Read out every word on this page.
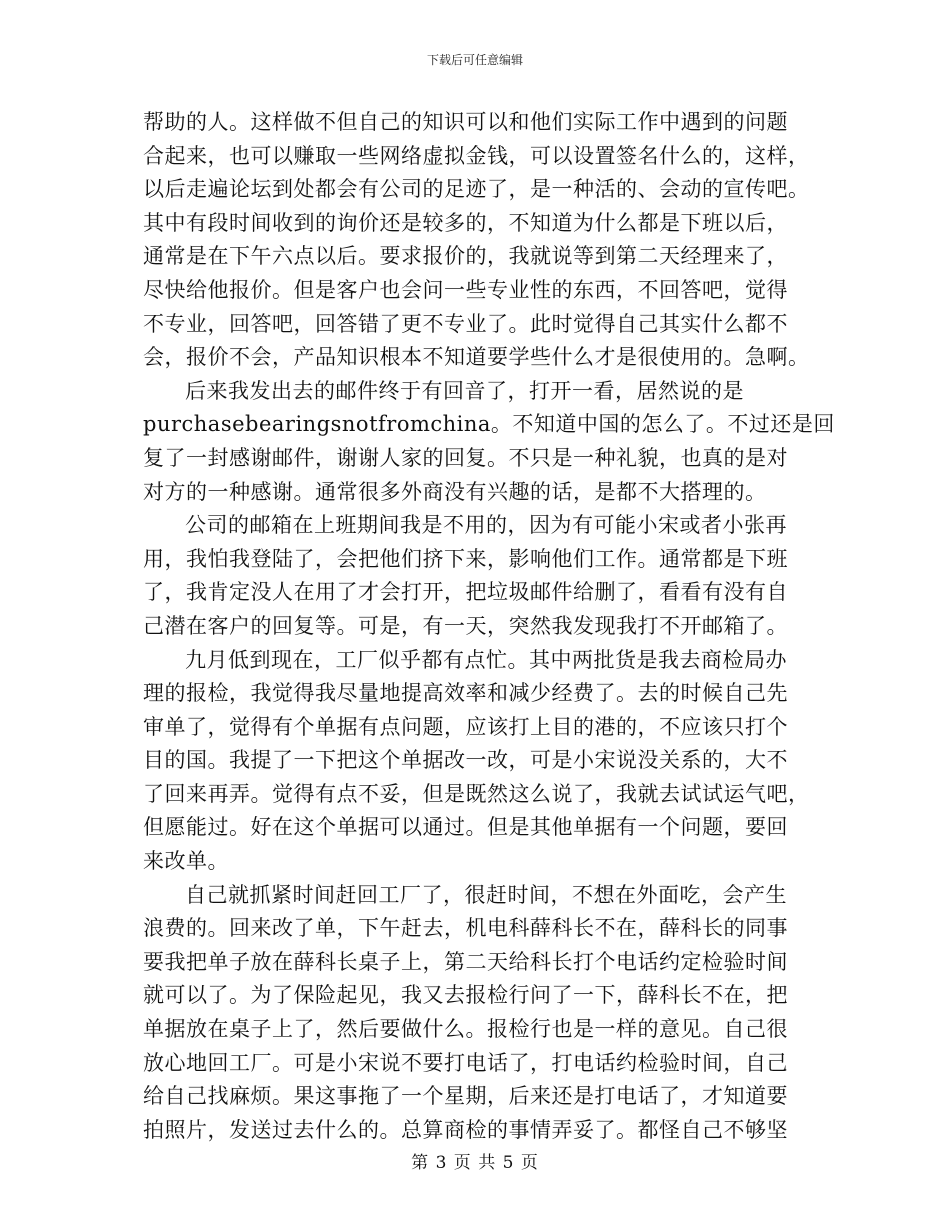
下载后可任意编辑
帮助的人。这样做不但自己的知识可以和他们实际工作中遇到的问题
合起来，也可以赚取一些网络虚拟金钱，可以设置签名什么的，这样，
以后走遍论坛到处都会有公司的足迹了，是一种活的、会动的宣传吧。
其中有段时间收到的询价还是较多的，不知道为什么都是下班以后，
通常是在下午六点以后。要求报价的，我就说等到第二天经理来了，
尽快给他报价。但是客户也会问一些专业性的东西，不回答吧，觉得
不专业，回答吧，回答错了更不专业了。此时觉得自己其实什么都不
会，报价不会，产品知识根本不知道要学些什么才是很使用的。急啊。
后来我发出去的邮件终于有回音了，打开一看，居然说的是
purchasebearingsnotfromchina。不知道中国的怎么了。不过还是回
复了一封感谢邮件，谢谢人家的回复。不只是一种礼貌，也真的是对
对方的一种感谢。通常很多外商没有兴趣的话，是都不大搭理的。
公司的邮箱在上班期间我是不用的，因为有可能小宋或者小张再
用，我怕我登陆了，会把他们挤下来，影响他们工作。通常都是下班
了，我肯定没人在用了才会打开，把垃圾邮件给删了，看看有没有自
己潜在客户的回复等。可是，有一天，突然我发现我打不开邮箱了。
九月低到现在，工厂似乎都有点忙。其中两批货是我去商检局办
理的报检，我觉得我尽量地提高效率和减少经费了。去的时候自己先
审单了，觉得有个单据有点问题，应该打上目的港的，不应该只打个
目的国。我提了一下把这个单据改一改，可是小宋说没关系的，大不
了回来再弄。觉得有点不妥，但是既然这么说了，我就去试试运气吧，
但愿能过。好在这个单据可以通过。但是其他单据有一个问题，要回
来改单。
自己就抓紧时间赶回工厂了，很赶时间，不想在外面吃，会产生
浪费的。回来改了单，下午赶去，机电科薛科长不在，薛科长的同事
要我把单子放在薛科长桌子上，第二天给科长打个电话约定检验时间
就可以了。为了保险起见，我又去报检行问了一下，薛科长不在，把
单据放在桌子上了，然后要做什么。报检行也是一样的意见。自己很
放心地回工厂。可是小宋说不要打电话了，打电话约检验时间，自己
给自己找麻烦。果这事拖了一个星期，后来还是打电话了，才知道要
拍照片，发送过去什么的。总算商检的事情弄妥了。都怪自己不够坚
第 3 页 共 5 页
